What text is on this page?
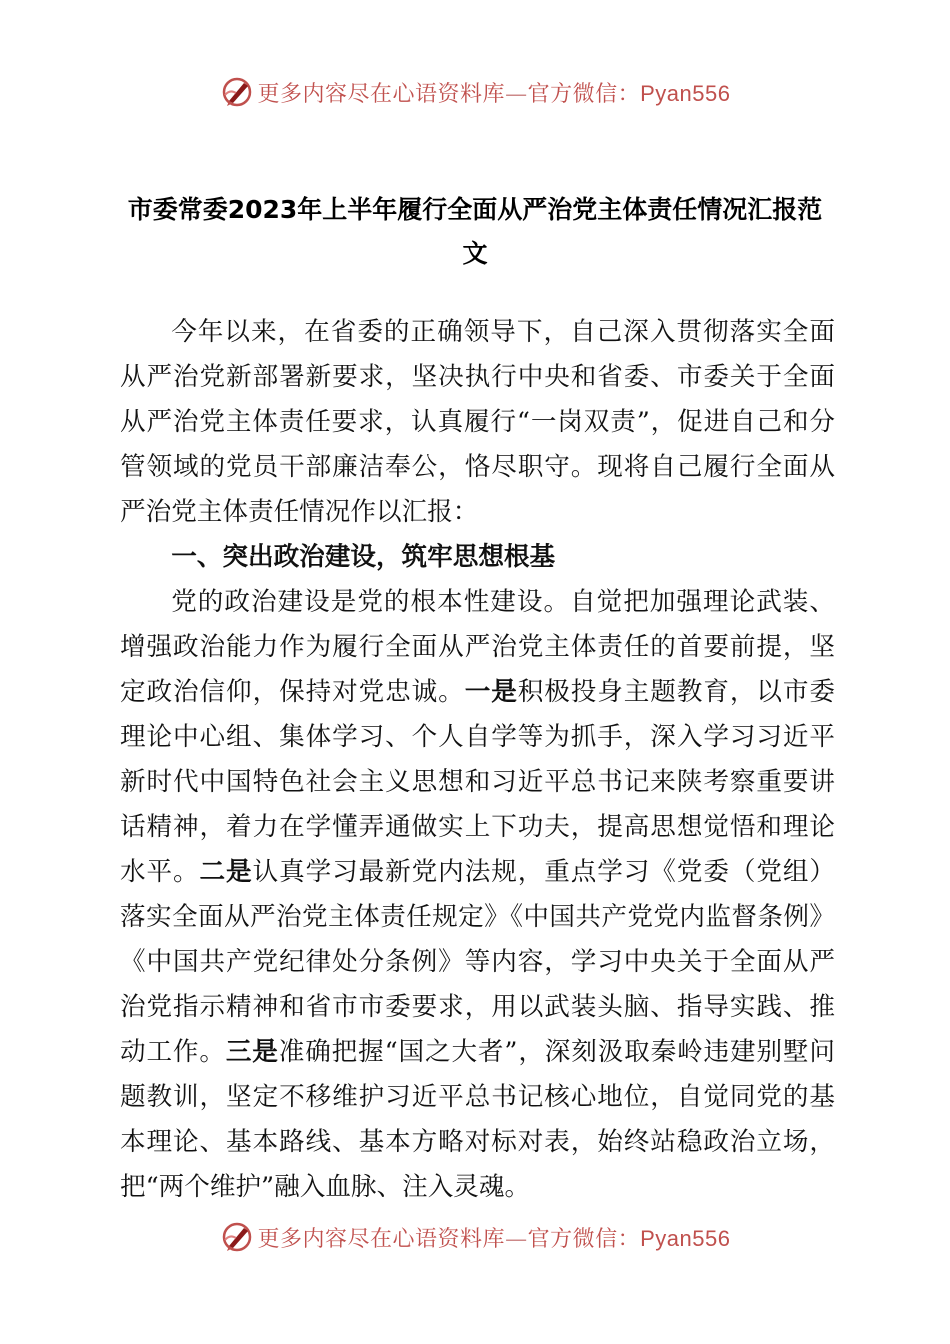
更多内容尽在心语资料库—官方微信：Pyan556
市委常委2023年上半年履行全面从严治党主体责任情况汇报范
文

今年以来，在省委的正确领导下，自己深入贯彻落实全面从严治党新部署新要求，坚决执行中央和省委、市委关于全面从严治党主体责任要求，认真履行“一岗双责”，促进自己和分管领域的党员干部廉洁奉公，恪尽职守。现将自己履行全面从严治党主体责任情况作以汇报：

一、突出政治建设，筑牢思想根基

党的政治建设是党的根本性建设。自觉把加强理论武装、增强政治能力作为履行全面从严治党主体责任的首要前提，坚定政治信仰，保持对党忠诚。一是积极投身主题教育，以市委理论中心组、集体学习、个人自学等为抓手，深入学习习近平新时代中国特色社会主义思想和习近平总书记来陕考察重要讲话精神，着力在学懂弄通做实上下功夫，提高思想觉悟和理论水平。二是认真学习最新党内法规，重点学习《党委（党组）落实全面从严治党主体责任规定》《中国共产党党内监督条例》《中国共产党纪律处分条例》等内容，学习中央关于全面从严治党指示精神和省市市委要求，用以武装头脑、指导实践、推动工作。三是准确把握“国之大者”，深刻汲取秦岭违建别墅问题教训，坚定不移维护习近平总书记核心地位，自觉同党的基本理论、基本路线、基本方略对标对表，始终站稳政治立场，把“两个维护”融入血脉、注入灵魂。

更多内容尽在心语资料库—官方微信：Pyan556
